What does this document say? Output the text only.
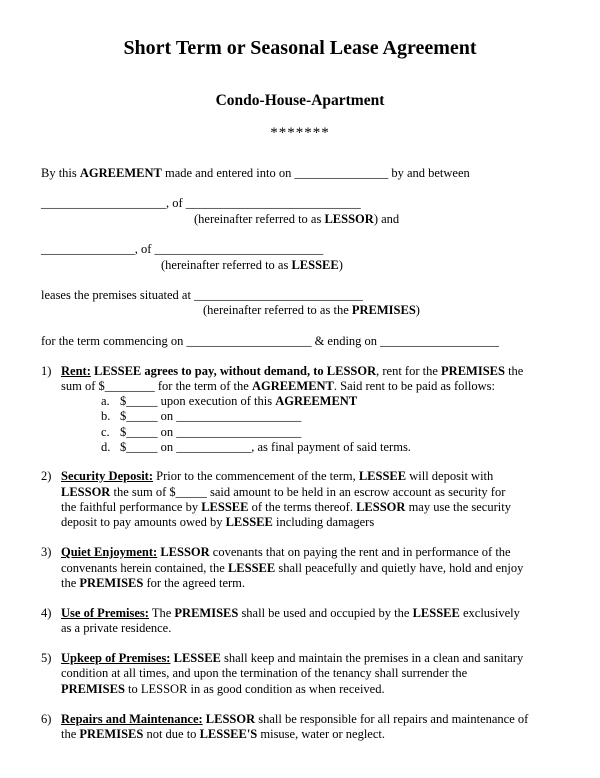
Short Term or Seasonal Lease Agreement
Condo-House-Apartment
*******
By this AGREEMENT made and entered into on _______________ by and between
____________________, of ____________________________
(hereinafter referred to as LESSOR) and
_______________, of ___________________________
(hereinafter referred to as LESSEE)
leases the premises situated at ___________________________
(hereinafter referred to as the PREMISES)
for the term commencing on ____________________ & ending on ___________________
1) Rent: LESSEE agrees to pay, without demand, to LESSOR, rent for the PREMISES the
sum of $________ for the term of the AGREEMENT. Said rent to be paid as follows:
a. $_____ upon execution of this AGREEMENT
b. $_____ on ____________________
c. $_____ on ____________________
d. $_____ on ____________, as final payment of said terms.
2) Security Deposit: Prior to the commencement of the term, LESSEE will deposit with
LESSOR the sum of $_____ said amount to be held in an escrow account as security for
the faithful performance by LESSEE of the terms thereof. LESSOR may use the security
deposit to pay amounts owed by LESSEE including damagers
3) Quiet Enjoyment: LESSOR covenants that on paying the rent and in performance of the
convenants herein contained, the LESSEE shall peacefully and quietly have, hold and enjoy
the PREMISES for the agreed term.
4) Use of Premises: The PREMISES shall be used and occupied by the LESSEE exclusively
as a private residence.
5) Upkeep of Premises: LESSEE shall keep and maintain the premises in a clean and sanitary
condition at all times, and upon the termination of the tenancy shall surrender the
PREMISES to LESSOR in as good condition as when received.
6) Repairs and Maintenance: LESSOR shall be responsible for all repairs and maintenance of
the PREMISES not due to LESSEE'S misuse, water or neglect.
